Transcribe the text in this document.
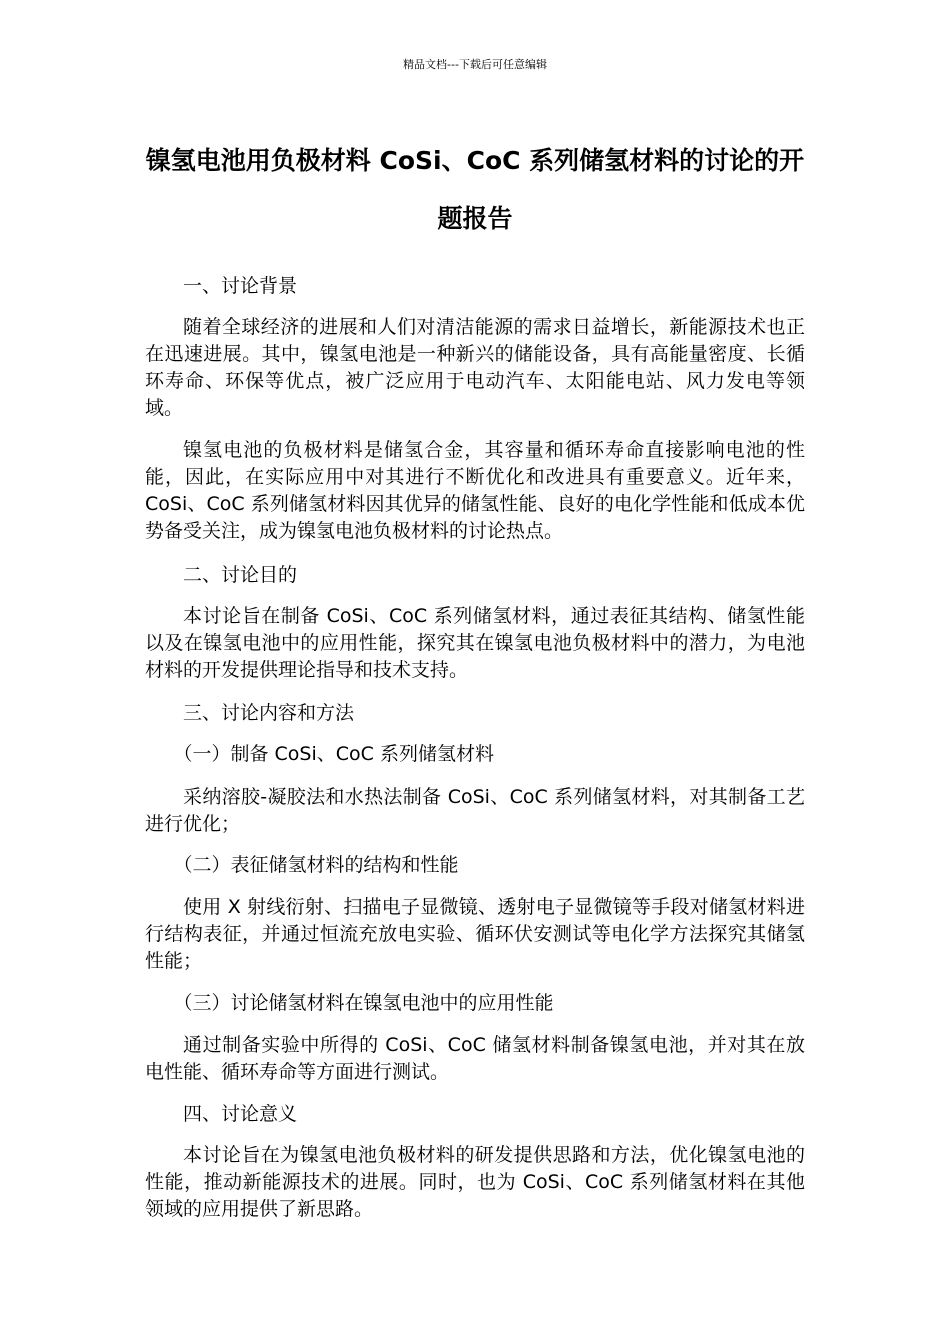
精品文档---下载后可任意编辑
镍氢电池用负极材料 CoSi、CoC 系列储氢材料的讨论的开题报告

一、讨论背景

随着全球经济的进展和人们对清洁能源的需求日益增长，新能源技术也正在迅速进展。其中，镍氢电池是一种新兴的储能设备，具有高能量密度、长循环寿命、环保等优点，被广泛应用于电动汽车、太阳能电站、风力发电等领域。

镍氢电池的负极材料是储氢合金，其容量和循环寿命直接影响电池的性能，因此，在实际应用中对其进行不断优化和改进具有重要意义。近年来，CoSi、CoC 系列储氢材料因其优异的储氢性能、良好的电化学性能和低成本优势备受关注，成为镍氢电池负极材料的讨论热点。

二、讨论目的

本讨论旨在制备 CoSi、CoC 系列储氢材料，通过表征其结构、储氢性能以及在镍氢电池中的应用性能，探究其在镍氢电池负极材料中的潜力，为电池材料的开发提供理论指导和技术支持。

三、讨论内容和方法

（一）制备 CoSi、CoC 系列储氢材料

采纳溶胶-凝胶法和水热法制备 CoSi、CoC 系列储氢材料，对其制备工艺进行优化；

（二）表征储氢材料的结构和性能

使用 X 射线衍射、扫描电子显微镜、透射电子显微镜等手段对储氢材料进行结构表征，并通过恒流充放电实验、循环伏安测试等电化学方法探究其储氢性能；

（三）讨论储氢材料在镍氢电池中的应用性能

通过制备实验中所得的 CoSi、CoC 储氢材料制备镍氢电池，并对其在放电性能、循环寿命等方面进行测试。

四、讨论意义

本讨论旨在为镍氢电池负极材料的研发提供思路和方法，优化镍氢电池的性能，推动新能源技术的进展。同时，也为 CoSi、CoC 系列储氢材料在其他领域的应用提供了新思路。
